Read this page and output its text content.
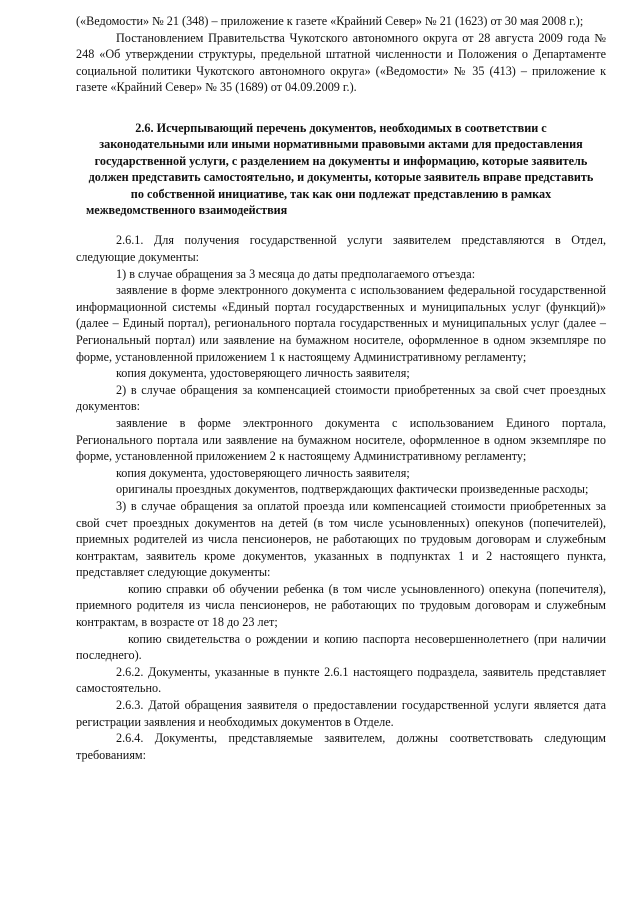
(«Ведомости» № 21 (348) – приложение к газете «Крайний Север» № 21 (1623) от 30 мая 2008 г.);

Постановлением Правительства Чукотского автономного округа от 28 августа 2009 года № 248 «Об утверждении структуры, предельной штатной численности и Положения о Департаменте социальной политики Чукотского автономного округа» («Ведомости» № 35 (413) – приложение к газете «Крайний Север» № 35 (1689) от 04.09.2009 г.).

2.6. Исчерпывающий перечень документов, необходимых в соответствии с законодательными или иными нормативными правовыми актами для предоставления государственной услуги, с разделением на документы и информацию, которые заявитель должен представить самостоятельно, и документы, которые заявитель вправе представить по собственной инициативе, так как они подлежат представлению в рамках межведомственного взаимодействия

2.6.1. Для получения государственной услуги заявителем представляются в Отдел, следующие документы:

1) в случае обращения за 3 месяца до даты предполагаемого отъезда:

заявление в форме электронного документа с использованием федеральной государственной информационной системы «Единый портал государственных и муниципальных услуг (функций)» (далее – Единый портал), регионального портала государственных и муниципальных услуг (далее – Региональный портал) или заявление на бумажном носителе, оформленное в одном экземпляре по форме, установленной приложением 1 к настоящему Административному регламенту;

копия документа, удостоверяющего личность заявителя;

2) в случае обращения за компенсацией стоимости приобретенных за свой счет проездных документов:

заявление в форме электронного документа с использованием Единого портала, Регионального портала или заявление на бумажном носителе, оформленное в одном экземпляре по форме, установленной приложением 2 к настоящему Административному регламенту;

копия документа, удостоверяющего личность заявителя;

оригиналы проездных документов, подтверждающих фактически произведенные расходы;

3) в случае обращения за оплатой проезда или компенсацией стоимости приобретенных за свой счет проездных документов на детей (в том числе усыновленных) опекунов (попечителей), приемных родителей из числа пенсионеров, не работающих по трудовым договорам и служебным контрактам, заявитель кроме документов, указанных в подпунктах 1 и 2 настоящего пункта, представляет следующие документы:

копию справки об обучении ребенка (в том числе усыновленного) опекуна (попечителя), приемного родителя из числа пенсионеров, не работающих по трудовым договорам и служебным контрактам, в возрасте от 18 до 23 лет;

копию свидетельства о рождении и копию паспорта несовершеннолетнего (при наличии последнего).

2.6.2. Документы, указанные в пункте 2.6.1 настоящего подраздела, заявитель представляет самостоятельно.

2.6.3. Датой обращения заявителя о предоставлении государственной услуги является дата регистрации заявления и необходимых документов в Отделе.

2.6.4. Документы, представляемые заявителем, должны соответствовать следующим требованиям:
